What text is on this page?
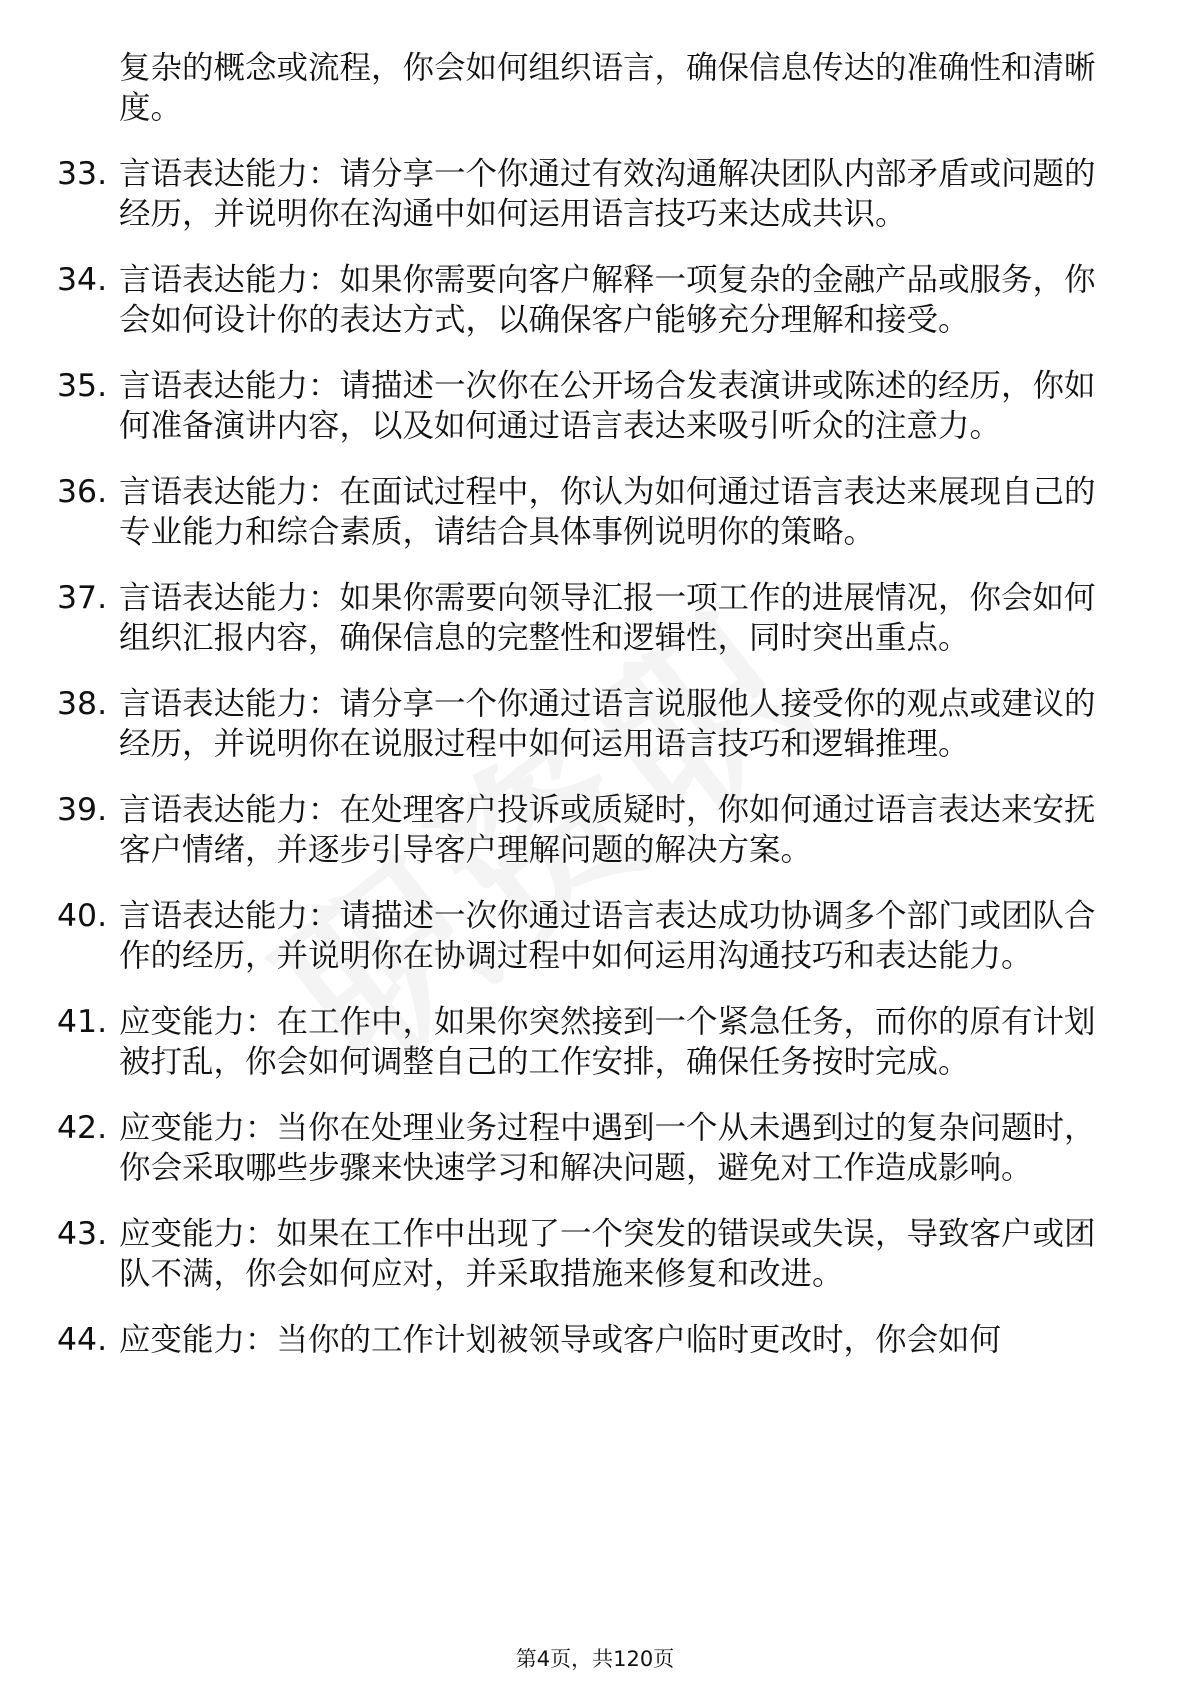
复杂的概念或流程，你会如何组织语言，确保信息传达的准确性和清晰度。
33. 言语表达能力：请分享一个你通过有效沟通解决团队内部矛盾或问题的经历，并说明你在沟通中如何运用语言技巧来达成共识。
34. 言语表达能力：如果你需要向客户解释一项复杂的金融产品或服务，你会如何设计你的表达方式，以确保客户能够充分理解和接受。
35. 言语表达能力：请描述一次你在公开场合发表演讲或陈述的经历，你如何准备演讲内容，以及如何通过语言表达来吸引听众的注意力。
36. 言语表达能力：在面试过程中，你认为如何通过语言表达来展现自己的专业能力和综合素质，请结合具体事例说明你的策略。
37. 言语表达能力：如果你需要向领导汇报一项工作的进展情况，你会如何组织汇报内容，确保信息的完整性和逻辑性，同时突出重点。
38. 言语表达能力：请分享一个你通过语言说服他人接受你的观点或建议的经历，并说明你在说服过程中如何运用语言技巧和逻辑推理。
39. 言语表达能力：在处理客户投诉或质疑时，你如何通过语言表达来安抚客户情绪，并逐步引导客户理解问题的解决方案。
40. 言语表达能力：请描述一次你通过语言表达成功协调多个部门或团队合作的经历，并说明你在协调过程中如何运用沟通技巧和表达能力。
41. 应变能力：在工作中，如果你突然接到一个紧急任务，而你的原有计划被打乱，你会如何调整自己的工作安排，确保任务按时完成。
42. 应变能力：当你在处理业务过程中遇到一个从未遇到过的复杂问题时，你会采取哪些步骤来快速学习和解决问题，避免对工作造成影响。
43. 应变能力：如果在工作中出现了一个突发的错误或失误，导致客户或团队不满，你会如何应对，并采取措施来修复和改进。
44. 应变能力：当你的工作计划被领导或客户临时更改时，你会如何
第4页，共120页
